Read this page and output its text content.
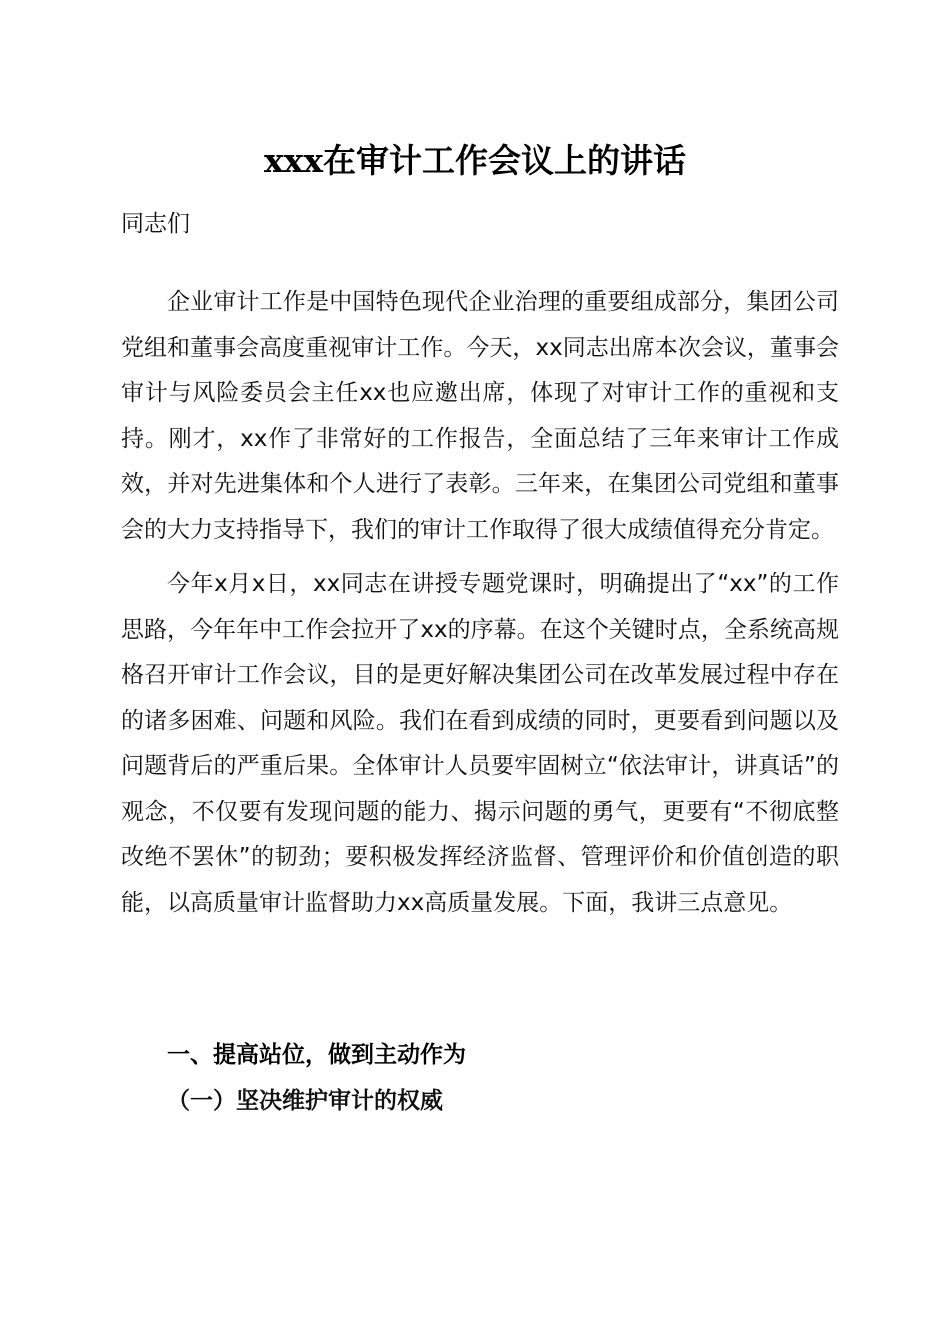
xxx在审计工作会议上的讲话

同志们

企业审计工作是中国特色现代企业治理的重要组成部分，集团公司党组和董事会高度重视审计工作。今天，xx同志出席本次会议，董事会审计与风险委员会主任xx也应邀出席，体现了对审计工作的重视和支持。刚才，xx作了非常好的工作报告，全面总结了三年来审计工作成效，并对先进集体和个人进行了表彰。三年来，在集团公司党组和董事会的大力支持指导下，我们的审计工作取得了很大成绩值得充分肯定。

今年x月x日，xx同志在讲授专题党课时，明确提出了“xx”的工作思路，今年年中工作会拉开了xx的序幕。在这个关键时点，全系统高规格召开审计工作会议，目的是更好解决集团公司在改革发展过程中存在的诸多困难、问题和风险。我们在看到成绩的同时，更要看到问题以及问题背后的严重后果。全体审计人员要牢固树立“依法审计，讲真话”的观念，不仅要有发现问题的能力、揭示问题的勇气，更要有“不彻底整改绝不罢休”的韧劲；要积极发挥经济监督、管理评价和价值创造的职能，以高质量审计监督助力xx高质量发展。下面，我讲三点意见。

一、提高站位，做到主动作为
（一）坚决维护审计的权威
